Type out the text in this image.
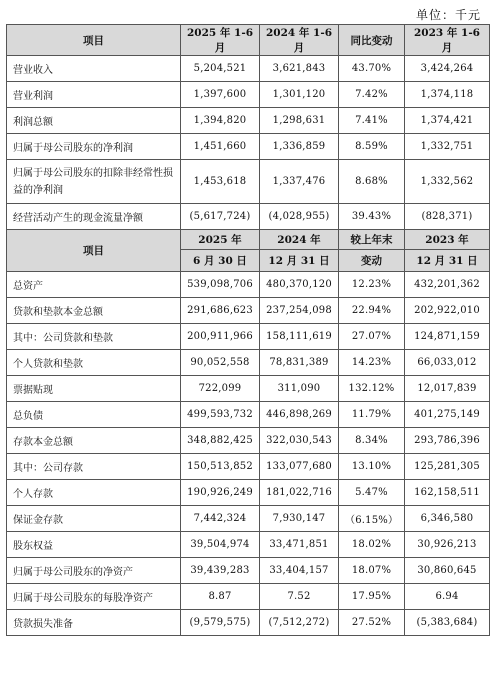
单位：千元
项目	2025 年 1-6 月	2024 年 1-6 月	同比变动	2023 年 1-6 月
营业收入	5,204,521	3,621,843	43.70%	3,424,264
营业利润	1,397,600	1,301,120	7.42%	1,374,118
利润总额	1,394,820	1,298,631	7.41%	1,374,421
归属于母公司股东的净利润	1,451,660	1,336,859	8.59%	1,332,751
归属于母公司股东的扣除非经常性损益的净利润	1,453,618	1,337,476	8.68%	1,332,562
经营活动产生的现金流量净额	(5,617,724)	(4,028,955)	39.43%	(828,371)
项目	2025 年	2024 年	较上年末	2023 年
	6 月 30 日	12 月 31 日	变动	12 月 31 日
总资产	539,098,706	480,370,120	12.23%	432,201,362
贷款和垫款本金总额	291,686,623	237,254,098	22.94%	202,922,010
其中：公司贷款和垫款	200,911,966	158,111,619	27.07%	124,871,159
个人贷款和垫款	90,052,558	78,831,389	14.23%	66,033,012
票据贴现	722,099	311,090	132.12%	12,017,839
总负债	499,593,732	446,898,269	11.79%	401,275,149
存款本金总额	348,882,425	322,030,543	8.34%	293,786,396
其中：公司存款	150,513,852	133,077,680	13.10%	125,281,305
个人存款	190,926,249	181,022,716	5.47%	162,158,511
保证金存款	7,442,324	7,930,147	（6.15%）	6,346,580
股东权益	39,504,974	33,471,851	18.02%	30,926,213
归属于母公司股东的净资产	39,439,283	33,404,157	18.07%	30,860,645
归属于母公司股东的每股净资产	8.87	7.52	17.95%	6.94
贷款损失准备	(9,579,575)	(7,512,272)	27.52%	(5,383,684)
